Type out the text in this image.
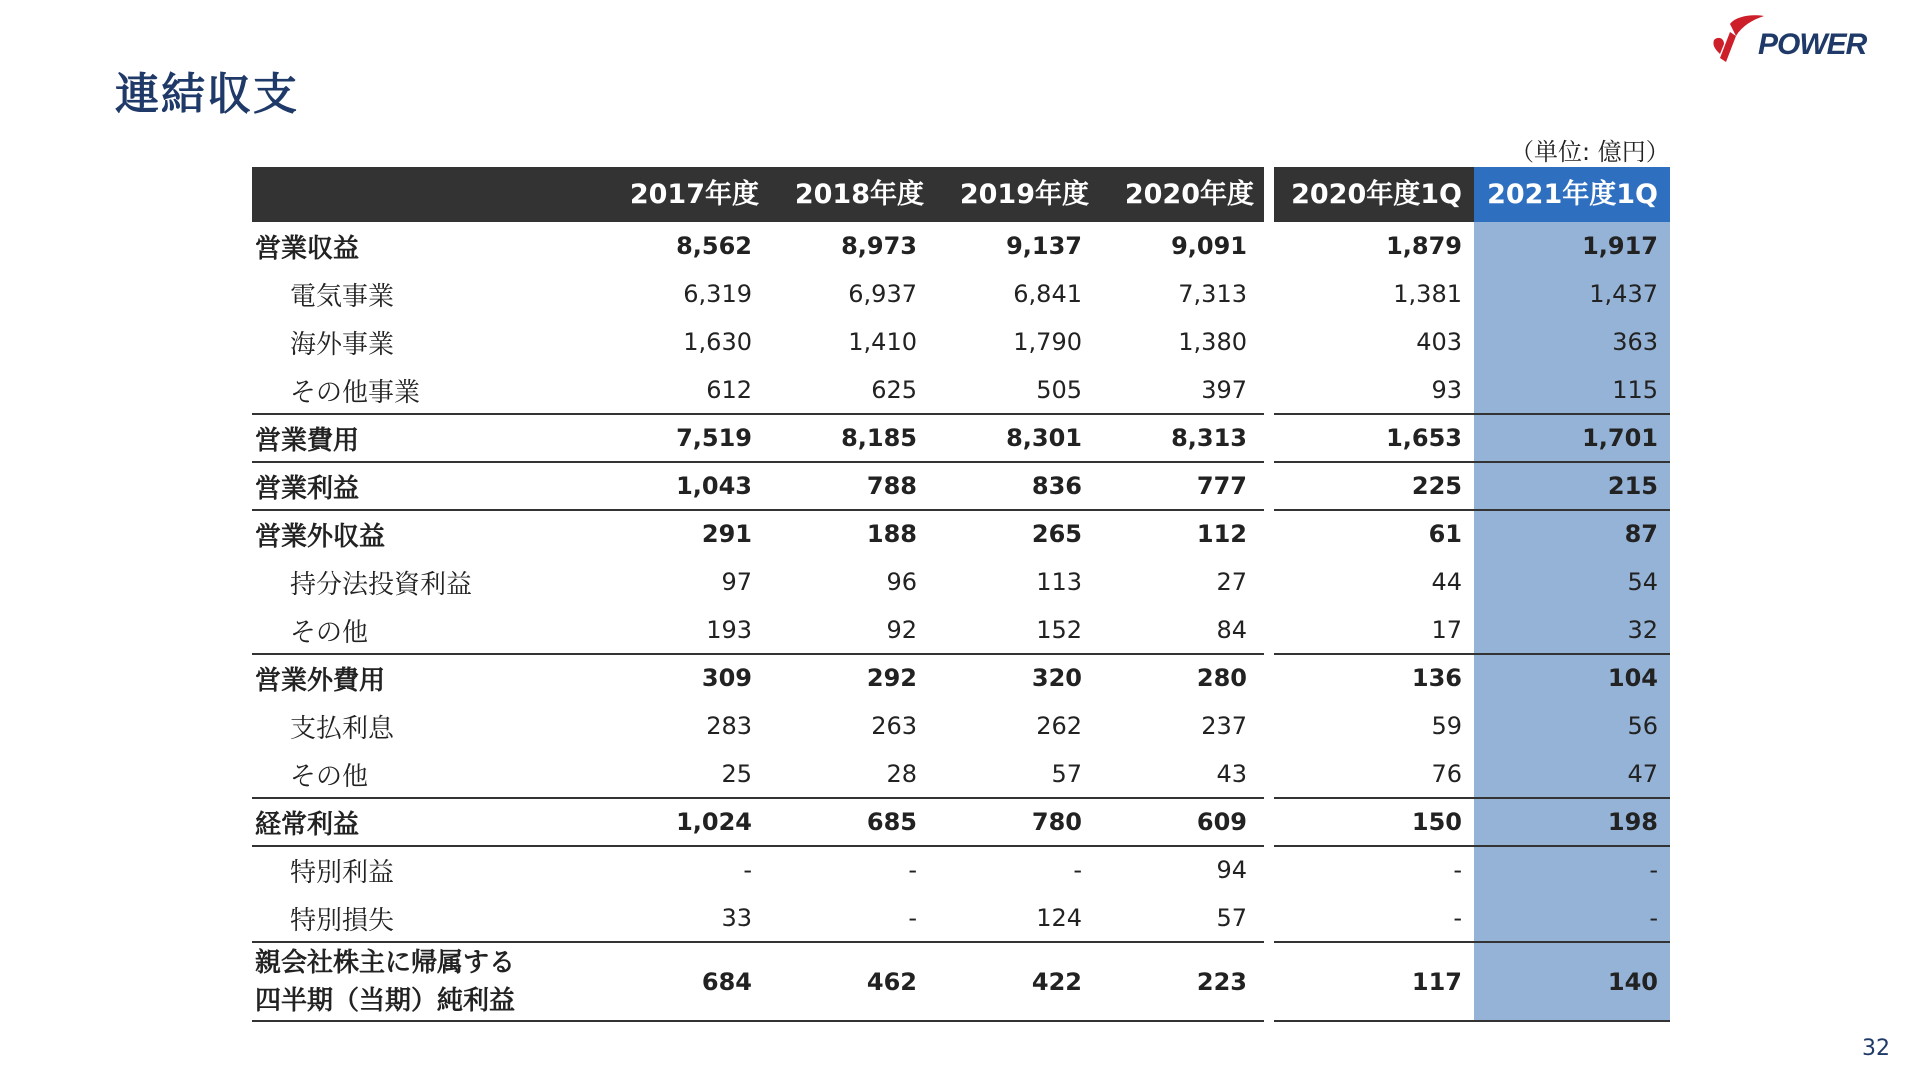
連結収支
POWER
（単位: 億円）
2017年度	2018年度	2019年度	2020年度	2020年度1Q 2021年度1Q
営業収益	8,562	8,973	9,137	9,091	1,879	1,917
電気事業	6,319	6,937	6,841	7,313	1,381	1,437
海外事業	1,630	1,410	1,790	1,380	403	363
その他事業	612	625	505	397	93	115
営業費用	7,519	8,185	8,301	8,313	1,653	1,701
営業利益	1,043	788	836	777	225	215
営業外収益	291	188	265	112	61	87
持分法投資利益	97	96	113	27	44	54
その他	193	92	152	84	17	32
営業外費用	309	292	320	280	136	104
支払利息	283	263	262	237	59	56
その他	25	28	57	43	76	47
経常利益	1,024	685	780	609	150	198
特別利益	-	-	-	94	-	-
特別損失	33	-	124	57	-	-
親会社株主に帰属する
四半期（当期）純利益
684	462	422	223	117	140
32
